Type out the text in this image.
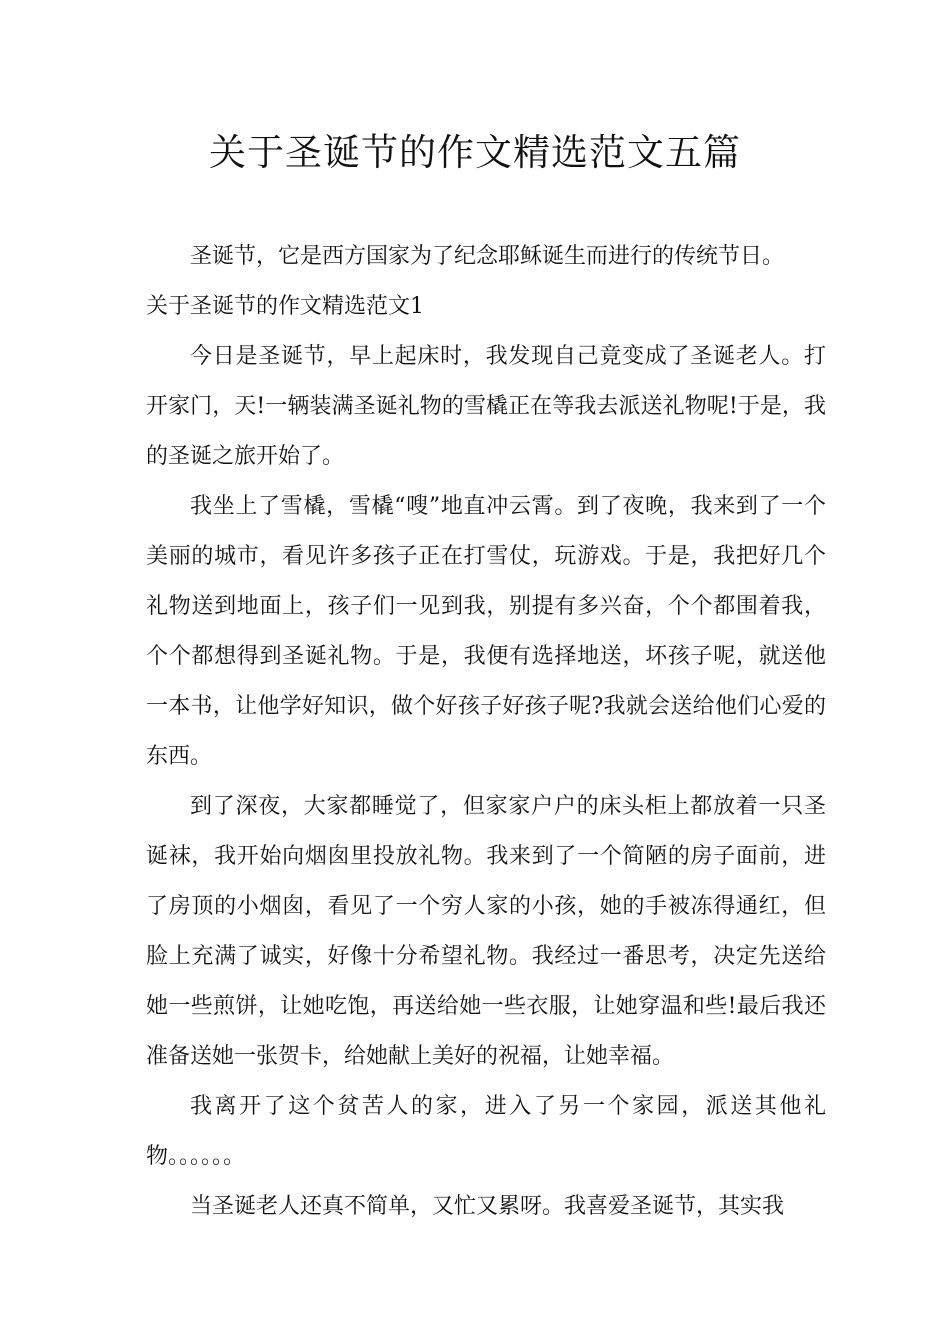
关于圣诞节的作文精选范文五篇

圣诞节，它是西方国家为了纪念耶稣诞生而进行的传统节日。

关于圣诞节的作文精选范文1

今日是圣诞节，早上起床时，我发现自己竟变成了圣诞老人。打开家门，天!一辆装满圣诞礼物的雪橇正在等我去派送礼物呢!于是，我的圣诞之旅开始了。

我坐上了雪橇，雪橇“嗖”地直冲云霄。到了夜晚，我来到了一个美丽的城市，看见许多孩子正在打雪仗，玩游戏。于是，我把好几个礼物送到地面上，孩子们一见到我，别提有多兴奋，个个都围着我，个个都想得到圣诞礼物。于是，我便有选择地送，坏孩子呢，就送他一本书，让他学好知识，做个好孩子好孩子呢?我就会送给他们心爱的东西。

到了深夜，大家都睡觉了，但家家户户的床头柜上都放着一只圣诞袜，我开始向烟囱里投放礼物。我来到了一个简陋的房子面前，进了房顶的小烟囱，看见了一个穷人家的小孩，她的手被冻得通红，但脸上充满了诚实，好像十分希望礼物。我经过一番思考，决定先送给她一些煎饼，让她吃饱，再送给她一些衣服，让她穿温和些!最后我还准备送她一张贺卡，给她献上美好的祝福，让她幸福。

我离开了这个贫苦人的家，进入了另一个家园，派送其他礼物。。。。。。

当圣诞老人还真不简单，又忙又累呀。我喜爱圣诞节，其实我
